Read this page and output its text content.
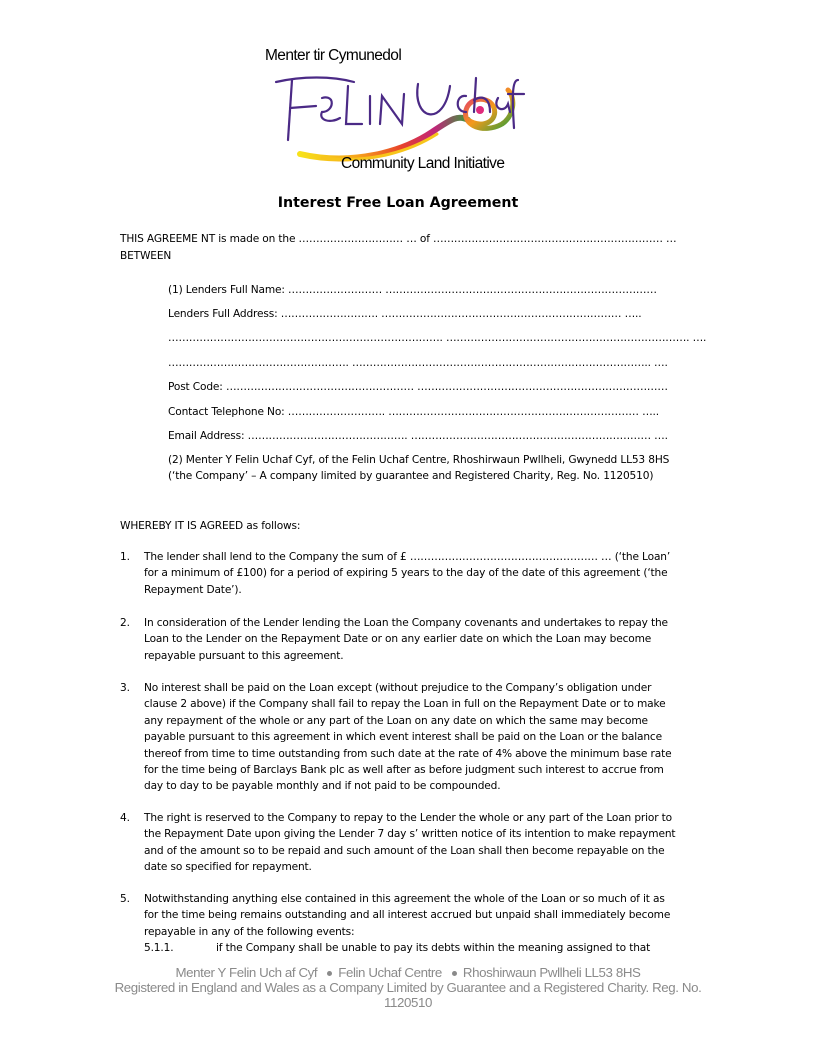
Menter tir Cymunedol
Community Land Initiative
Interest Free Loan Agreement
THIS AGREEME NT is made on the ………………………… … of ………………………………………………………… …
BETWEEN
(1) Lenders Full Name: ……………………… ……………………………………………………………………
Lenders Full Address: ………………………. …………………………………………………………… …..
……………………………………………………………………. ……………………………………………………………. ….
……………………………………………. ………………………………………………………………………….. ….
Post Code: ……………………………………………… ………………………………………………………………
Contact Telephone No: ………………………. ……………………………………………………………… …..
Email Address: ………………………………………. …………………………………………………………… ….
(2) Menter Y Felin Uchaf Cyf, of the Felin Uchaf Centre, Rhoshirwaun Pwllheli, Gwynedd LL53 8HS (‘the Company’ – A company limited by guarantee and Registered Charity, Reg. No. 1120510)
WHEREBY IT IS AGREED as follows:
1.	The lender shall lend to the Company the sum of £ ……………………………………………… … (‘the Loan’ for a minimum of £100) for a period of expiring 5 years to the day of the date of this agreement (‘the Repayment Date’).
2.	In consideration of the Lender lending the Loan the Company covenants and undertakes to repay the Loan to the Lender on the Repayment Date or on any earlier date on which the Loan may become repayable pursuant to this agreement.
3.	No interest shall be paid on the Loan except (without prejudice to the Company’s obligation under clause 2 above) if the Company shall fail to repay the Loan in full on the Repayment Date or to make any repayment of the whole or any part of the Loan on any date on which the same may become payable pursuant to this agreement in which event interest shall be paid on the Loan or the balance thereof from time to time outstanding from such date at the rate of 4% above the minimum base rate for the time being of Barclays Bank plc as well after as before judgment such interest to accrue from day to day to be payable monthly and if not paid to be compounded.
4.	The right is reserved to the Company to repay to the Lender the whole or any part of the Loan prior to the Repayment Date upon giving the Lender 7 day s’ written notice of its intention to make repayment and of the amount so to be repaid and such amount of the Loan shall then become repayable on the date so specified for repayment.
5.	Notwithstanding anything else contained in this agreement the whole of the Loan or so much of it as for the time being remains outstanding and all interest accrued but unpaid shall immediately become repayable in any of the following events:
5.1.1.	if the Company shall be unable to pay its debts within the meaning assigned to that
Menter Y Felin Uch af Cyf Felin Uchaf Centre Rhoshirwaun Pwllheli LL53 8HS
Registered in England and Wales as a Company Limited by Guarantee and a Registered Charity. Reg. No. 1120510
